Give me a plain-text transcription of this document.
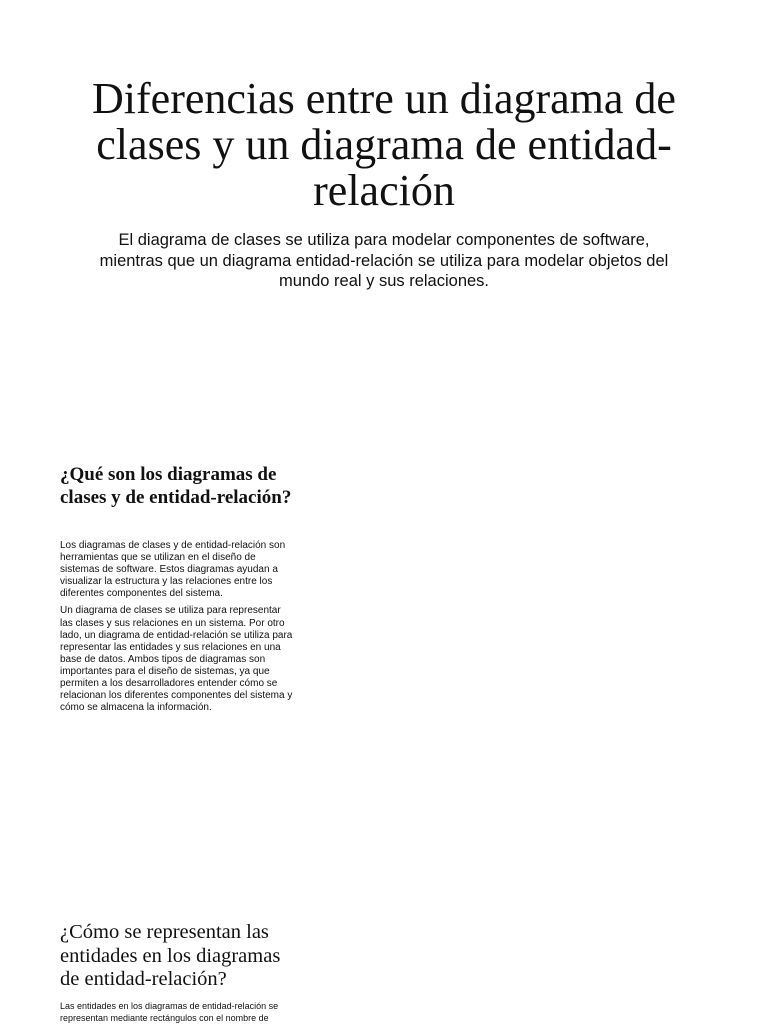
Diferencias entre un diagrama de clases y un diagrama de entidad-relación

El diagrama de clases se utiliza para modelar componentes de software, mientras que un diagrama entidad-relación se utiliza para modelar objetos del mundo real y sus relaciones.

¿Qué son los diagramas de clases y de entidad-relación?

Los diagramas de clases y de entidad-relación son herramientas que se utilizan en el diseño de sistemas de software. Estos diagramas ayudan a visualizar la estructura y las relaciones entre los diferentes componentes del sistema.

Un diagrama de clases se utiliza para representar las clases y sus relaciones en un sistema. Por otro lado, un diagrama de entidad-relación se utiliza para representar las entidades y sus relaciones en una base de datos. Ambos tipos de diagramas son importantes para el diseño de sistemas, ya que permiten a los desarrolladores entender cómo se relacionan los diferentes componentes del sistema y cómo se almacena la información.

¿Cómo se representan las entidades en los diagramas de entidad-relación?

Las entidades en los diagramas de entidad-relación se representan mediante rectángulos con el nombre de
